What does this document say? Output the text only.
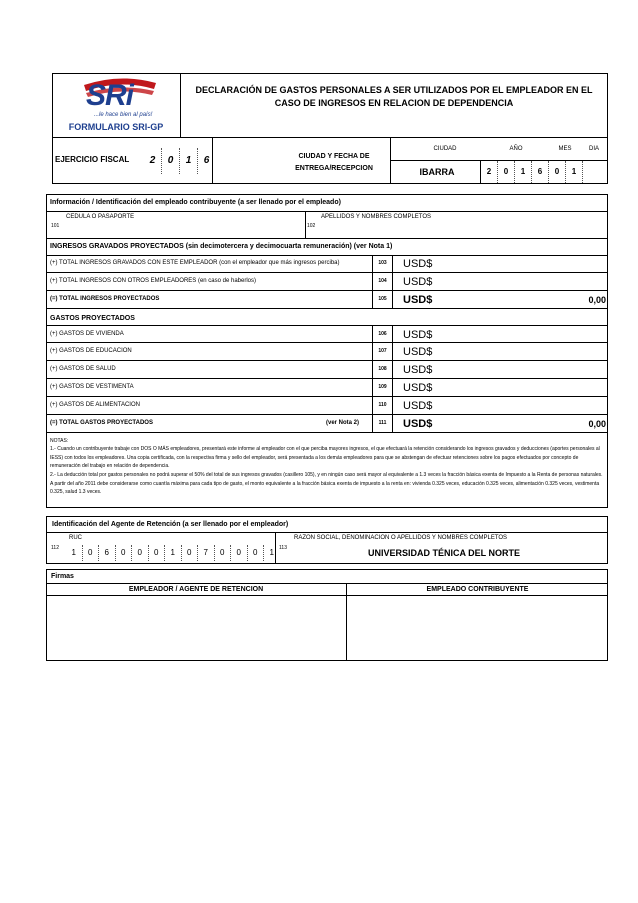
SRi
...le hace bien al país!
FORMULARIO SRI-GP
DECLARACIÓN DE GASTOS PERSONALES A SER UTILIZADOS POR EL EMPLEADOR EN EL CASO DE INGRESOS EN RELACION DE DEPENDENCIA
EJERCICIO FISCAL	2	0	1	6	CIUDAD Y FECHA DE ENTREGA/RECEPCION
CIUDAD	AÑO	MES	DIA
IBARRA	2	0	1	6	0	1
Información / Identificación del empleado contribuyente (a ser llenado por el empleado)
CEDULA O PASAPORTE
101
APELLIDOS Y NOMBRES COMPLETOS
102
INGRESOS GRAVADOS PROYECTADOS (sin decimotercera y decimocuarta remuneración) (ver Nota 1)
(+) TOTAL INGRESOS GRAVADOS CON ESTE EMPLEADOR (con el empleador que más ingresos perciba)	103	USD$
(+) TOTAL INGRESOS CON OTROS EMPLEADORES (en caso de haberlos)	104	USD$
(=) TOTAL INGRESOS PROYECTADOS	105	USD$	0,00
GASTOS PROYECTADOS
(+) GASTOS DE VIVIENDA	106	USD$
(+) GASTOS DE EDUCACION	107	USD$
(+) GASTOS DE SALUD	108	USD$
(+) GASTOS DE VESTIMENTA	109	USD$
(+) GASTOS DE ALIMENTACION	110	USD$
(=) TOTAL GASTOS PROYECTADOS	(ver Nota 2)	111	USD$	0,00
NOTAS:
1.- Cuando un contribuyente trabaje con DOS O MÁS empleadores, presentará este informe al empleador con el que perciba mayores ingresos, el que efectuará la retención considerando los ingresos gravados y deducciones (aportes personales al IESS) con todos los empleadores. Una copia certificada, con la respectiva firma y sello del empleador, será presentada a los demás empleadores para que se abstengan de efectuar retenciones sobre los pagos efectuados por concepto de remuneración del trabajo en relación de dependencia.
2.- La deducción total por gastos personales no podrá superar el 50% del total de sus ingresos gravados (casillero 105), y en ningún caso será mayor al equivalente a 1.3 veces la fracción básica exenta de Impuesto a la Renta de personas naturales. A partir del año 2011 debe considerarse como cuantía máxima para cada tipo de gasto, el monto equivalente a la fracción básica exenta de impuesto a la renta en: vivienda 0.325 veces, educación 0.325 veces, alimentación 0.325 veces, vestimenta 0.325, salud 1.3 veces.
Identificación del Agente de Retención (a ser llenado por el empleador)
RUC
112	1	0	6	0	0	0	1	0	7	0	0	0	1
RAZON SOCIAL, DENOMINACION O APELLIDOS Y NOMBRES COMPLETOS
113	UNIVERSIDAD TÉNICA DEL NORTE
Firmas
EMPLEADOR / AGENTE DE RETENCION	EMPLEADO CONTRIBUYENTE
